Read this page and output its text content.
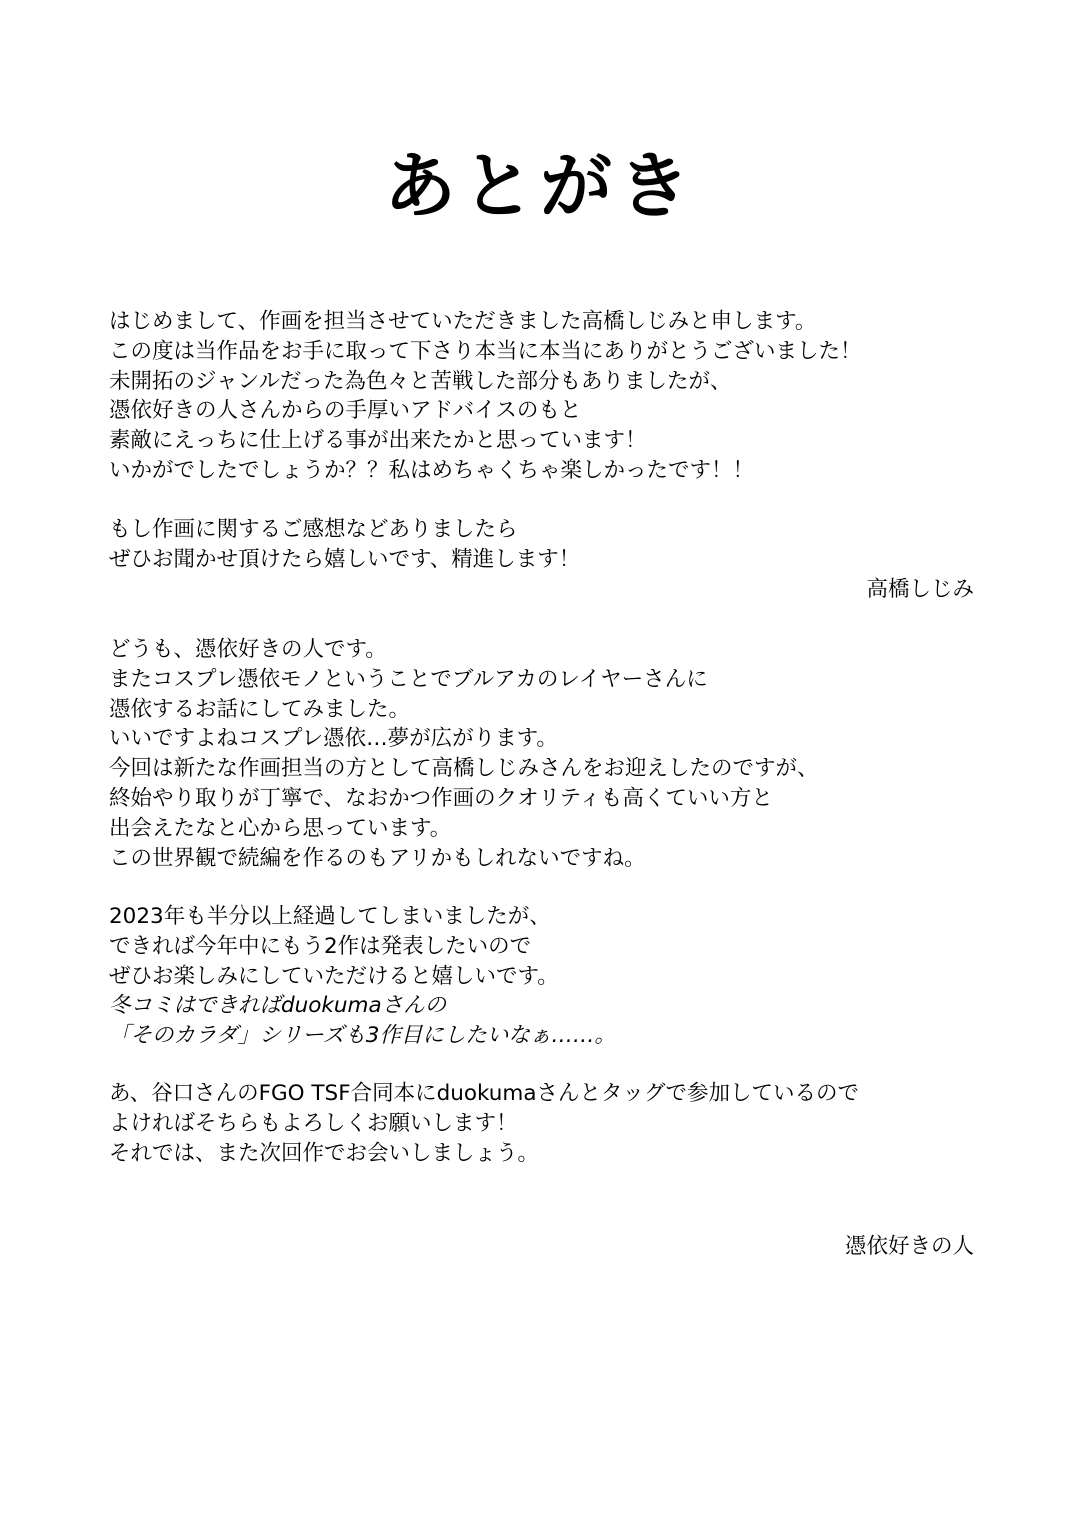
あとがき
はじめまして、作画を担当させていただきました高橋しじみと申します。
この度は当作品をお手に取って下さり本当に本当にありがとうございました！
未開拓のジャンルだった為色々と苦戦した部分もありましたが、
憑依好きの人さんからの手厚いアドバイスのもと
素敵にえっちに仕上げる事が出来たかと思っています！
いかがでしたでしょうか？？私はめちゃくちゃ楽しかったです！！
もし作画に関するご感想などありましたら
ぜひお聞かせ頂けたら嬉しいです、精進します！
高橋しじみ
どうも、憑依好きの人です。
またコスプレ憑依モノということでブルアカのレイヤーさんに
憑依するお話にしてみました。
いいですよねコスプレ憑依…夢が広がります。
今回は新たな作画担当の方として高橋しじみさんをお迎えしたのですが、
終始やり取りが丁寧で、なおかつ作画のクオリティも高くていい方と
出会えたなと心から思っています。
この世界観で続編を作るのもアリかもしれないですね。
2023年も半分以上経過してしまいましたが、
できれば今年中にもう2作は発表したいので
ぜひお楽しみにしていただけると嬉しいです。
冬コミはできればduokumaさんの
「そのカラダ」シリーズも3作目にしたいなぁ……。
あ、谷口さんのFGO TSF合同本にduokumaさんとタッグで参加しているので
よければそちらもよろしくお願いします！
それでは、また次回作でお会いしましょう。
憑依好きの人
